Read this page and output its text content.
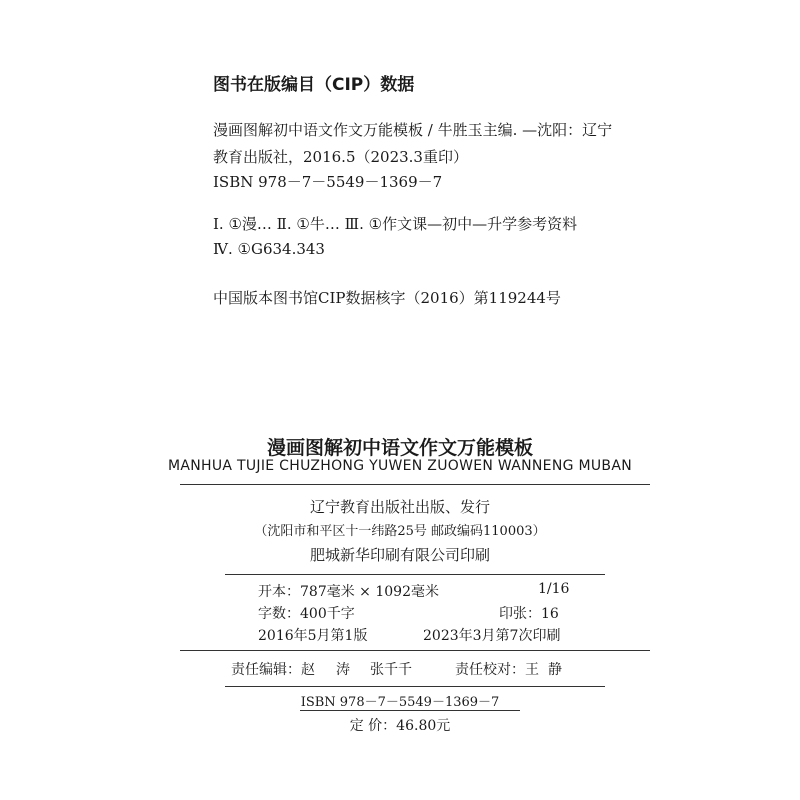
图书在版编目（CIP）数据
漫画图解初中语文作文万能模板 / 牛胜玉主编. —沈阳：辽宁
教育出版社，2016.5（2023.3重印）
ISBN 978－7－5549－1369－7
Ⅰ. ①漫… Ⅱ. ①牛… Ⅲ. ①作文课—初中—升学参考资料
Ⅳ. ①G634.343
中国版本图书馆CIP数据核字（2016）第119244号
漫画图解初中语文作文万能模板
MANHUA TUJIE CHUZHONG YUWEN ZUOWEN WANNENG MUBAN
辽宁教育出版社出版、发行
（沈阳市和平区十一纬路25号 邮政编码110003）
肥城新华印刷有限公司印刷
开本：787毫米 × 1092毫米	1/16
字数：400千字	印张：16
2016年5月第1版	2023年3月第7次印刷
责任编辑：赵 涛 张千千	责任校对：王 静
ISBN 978－7－5549－1369－7
定 价：46.80元
